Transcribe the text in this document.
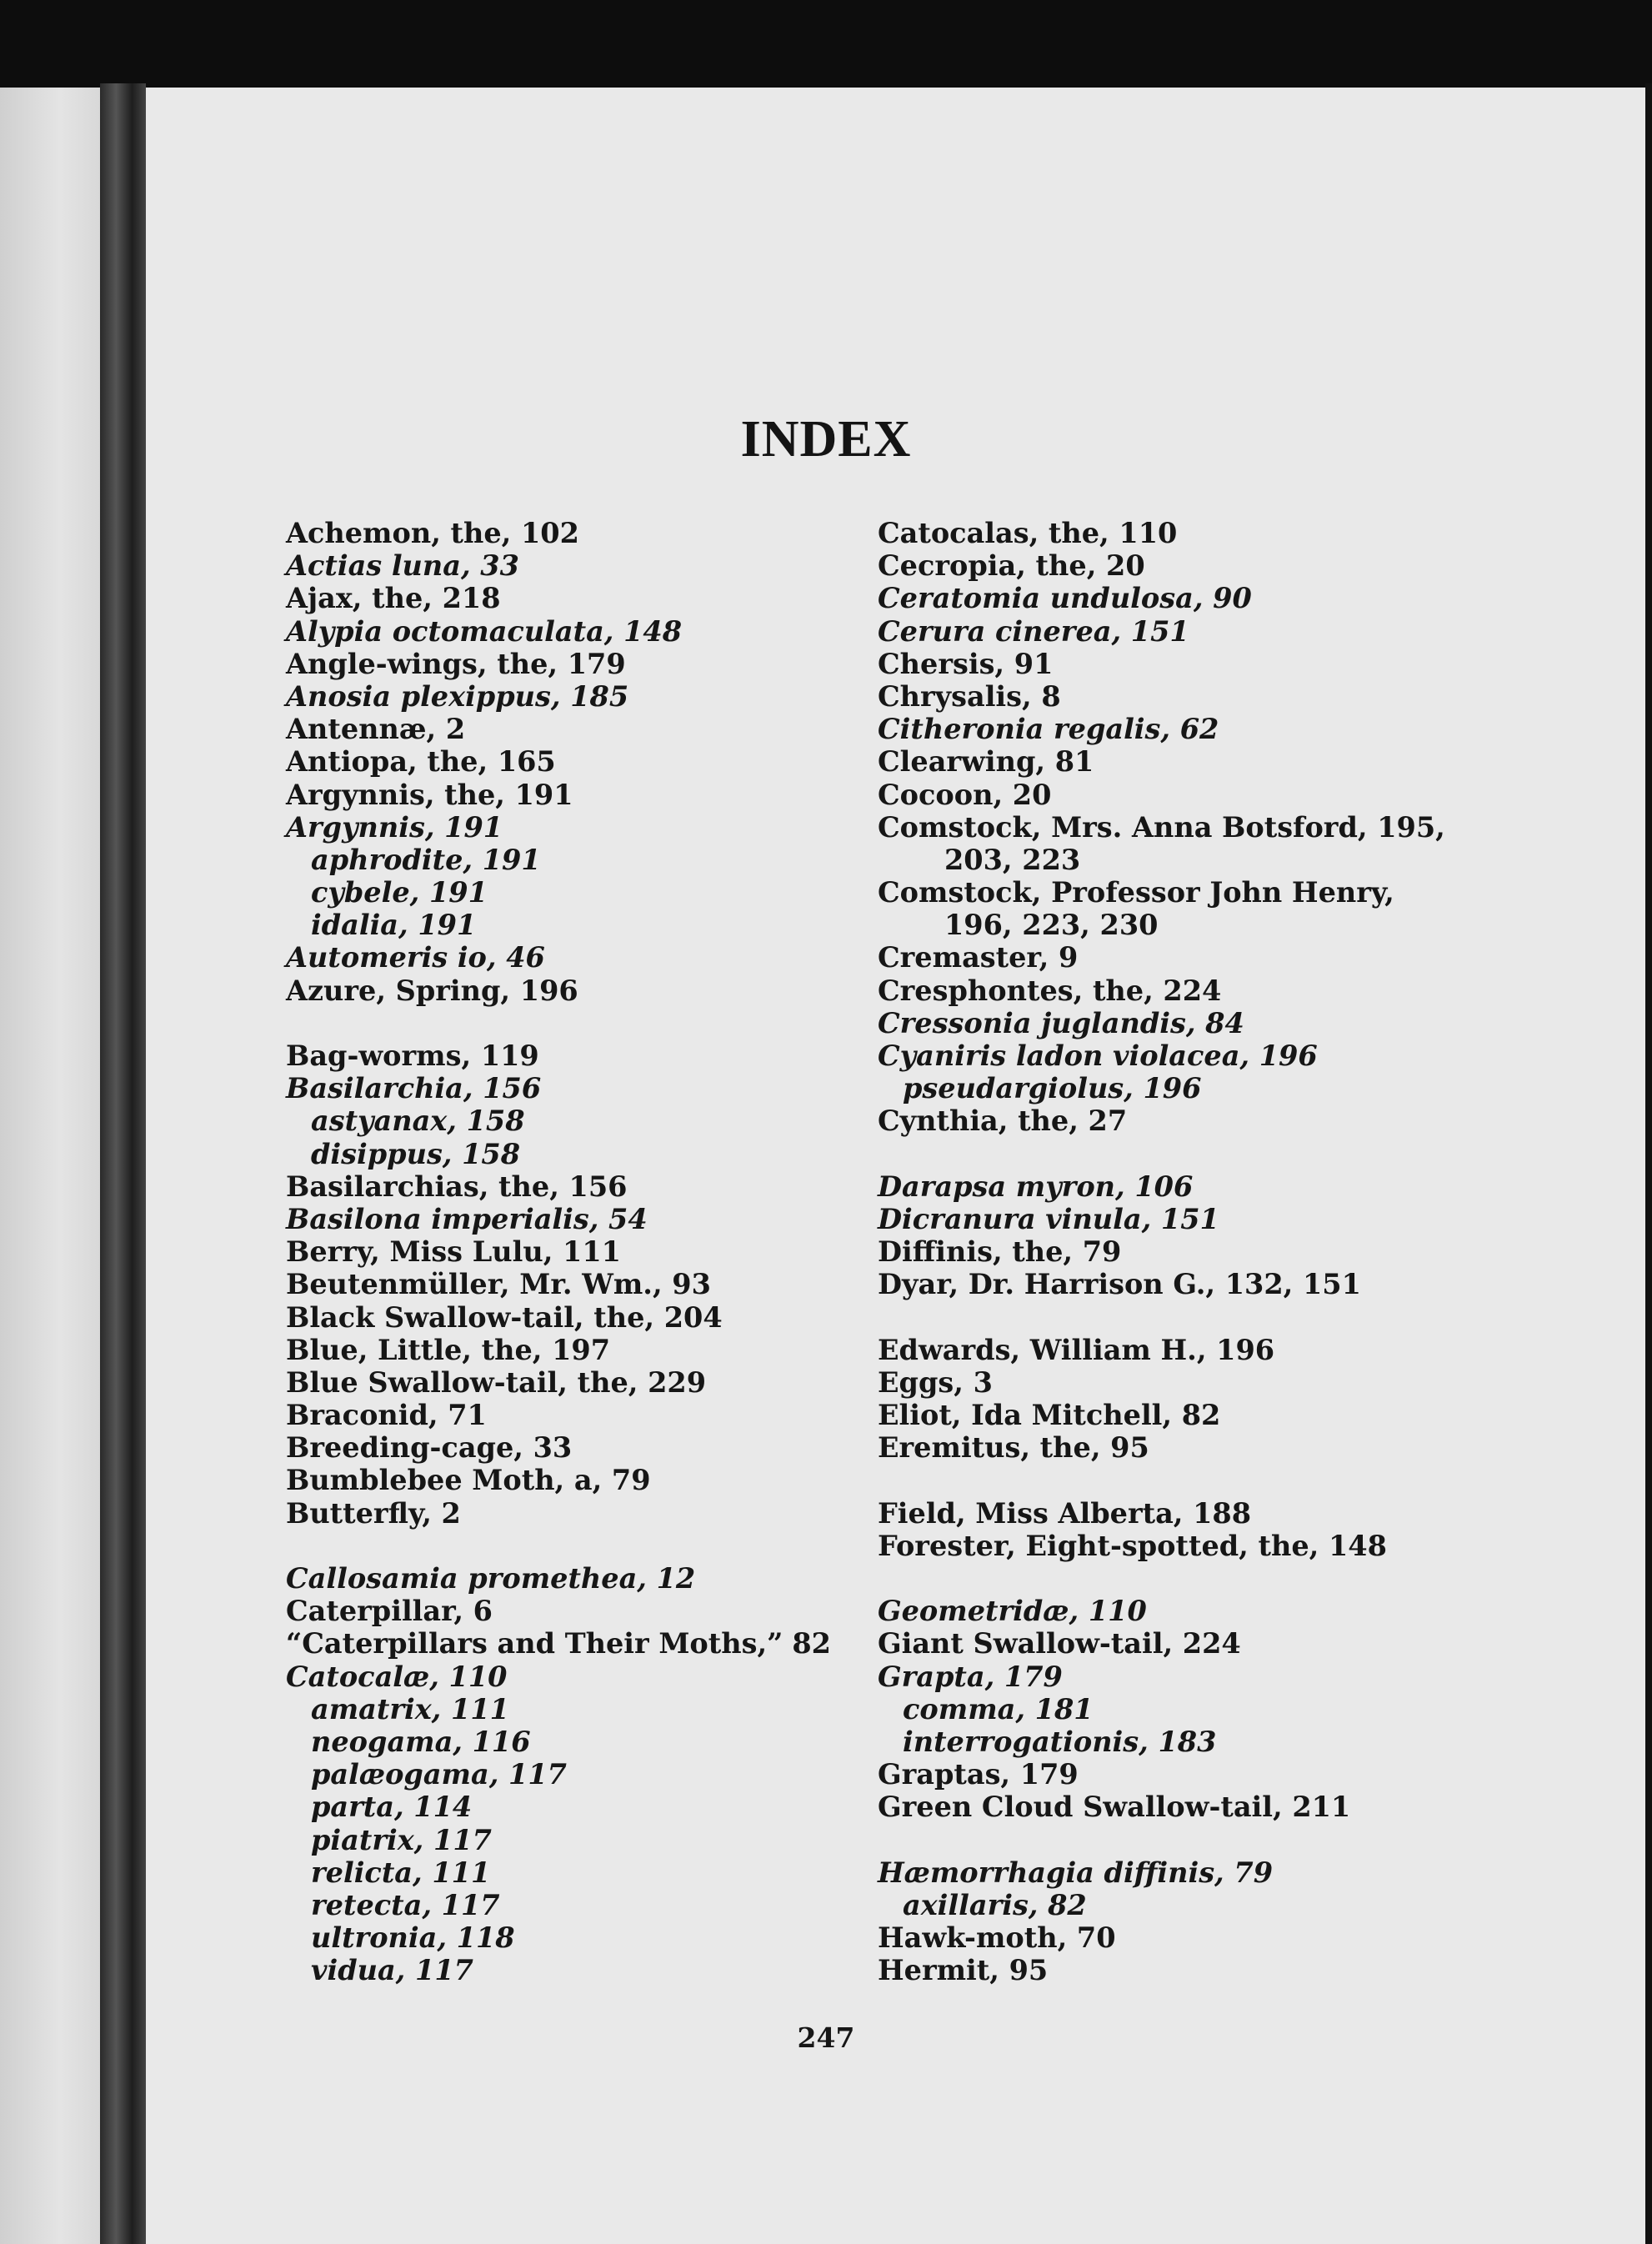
INDEX
Achemon, the, 102
Actias luna, 33
Ajax, the, 218
Alypia octomaculata, 148
Angle-wings, the, 179
Anosia plexippus, 185
Antennæ, 2
Antiopa, the, 165
Argynnis, the, 191
Argynnis, 191
aphrodite, 191
cybele, 191
idalia, 191
Automeris io, 46
Azure, Spring, 196
Bag-worms, 119
Basilarchia, 156
astyanax, 158
disippus, 158
Basilarchias, the, 156
Basilona imperialis, 54
Berry, Miss Lulu, 111
Beutenmüller, Mr. Wm., 93
Black Swallow-tail, the, 204
Blue, Little, the, 197
Blue Swallow-tail, the, 229
Braconid, 71
Breeding-cage, 33
Bumblebee Moth, a, 79
Butterfly, 2
Callosamia promethea, 12
Caterpillar, 6
“Caterpillars and Their Moths,” 82
Catocalæ, 110
amatrix, 111
neogama, 116
palæogama, 117
parta, 114
piatrix, 117
relicta, 111
retecta, 117
ultronia, 118
vidua, 117
Catocalas, the, 110
Cecropia, the, 20
Ceratomia undulosa, 90
Cerura cinerea, 151
Chersis, 91
Chrysalis, 8
Citheronia regalis, 62
Clearwing, 81
Cocoon, 20
Comstock, Mrs. Anna Botsford, 195,
203, 223
Comstock, Professor John Henry,
196, 223, 230
Cremaster, 9
Cresphontes, the, 224
Cressonia juglandis, 84
Cyaniris ladon violacea, 196
pseudargiolus, 196
Cynthia, the, 27
Darapsa myron, 106
Dicranura vinula, 151
Diffinis, the, 79
Dyar, Dr. Harrison G., 132, 151
Edwards, William H., 196
Eggs, 3
Eliot, Ida Mitchell, 82
Eremitus, the, 95
Field, Miss Alberta, 188
Forester, Eight-spotted, the, 148
Geometridæ, 110
Giant Swallow-tail, 224
Grapta, 179
comma, 181
interrogationis, 183
Graptas, 179
Green Cloud Swallow-tail, 211
Hæmorrhagia diffinis, 79
axillaris, 82
Hawk-moth, 70
Hermit, 95
247
